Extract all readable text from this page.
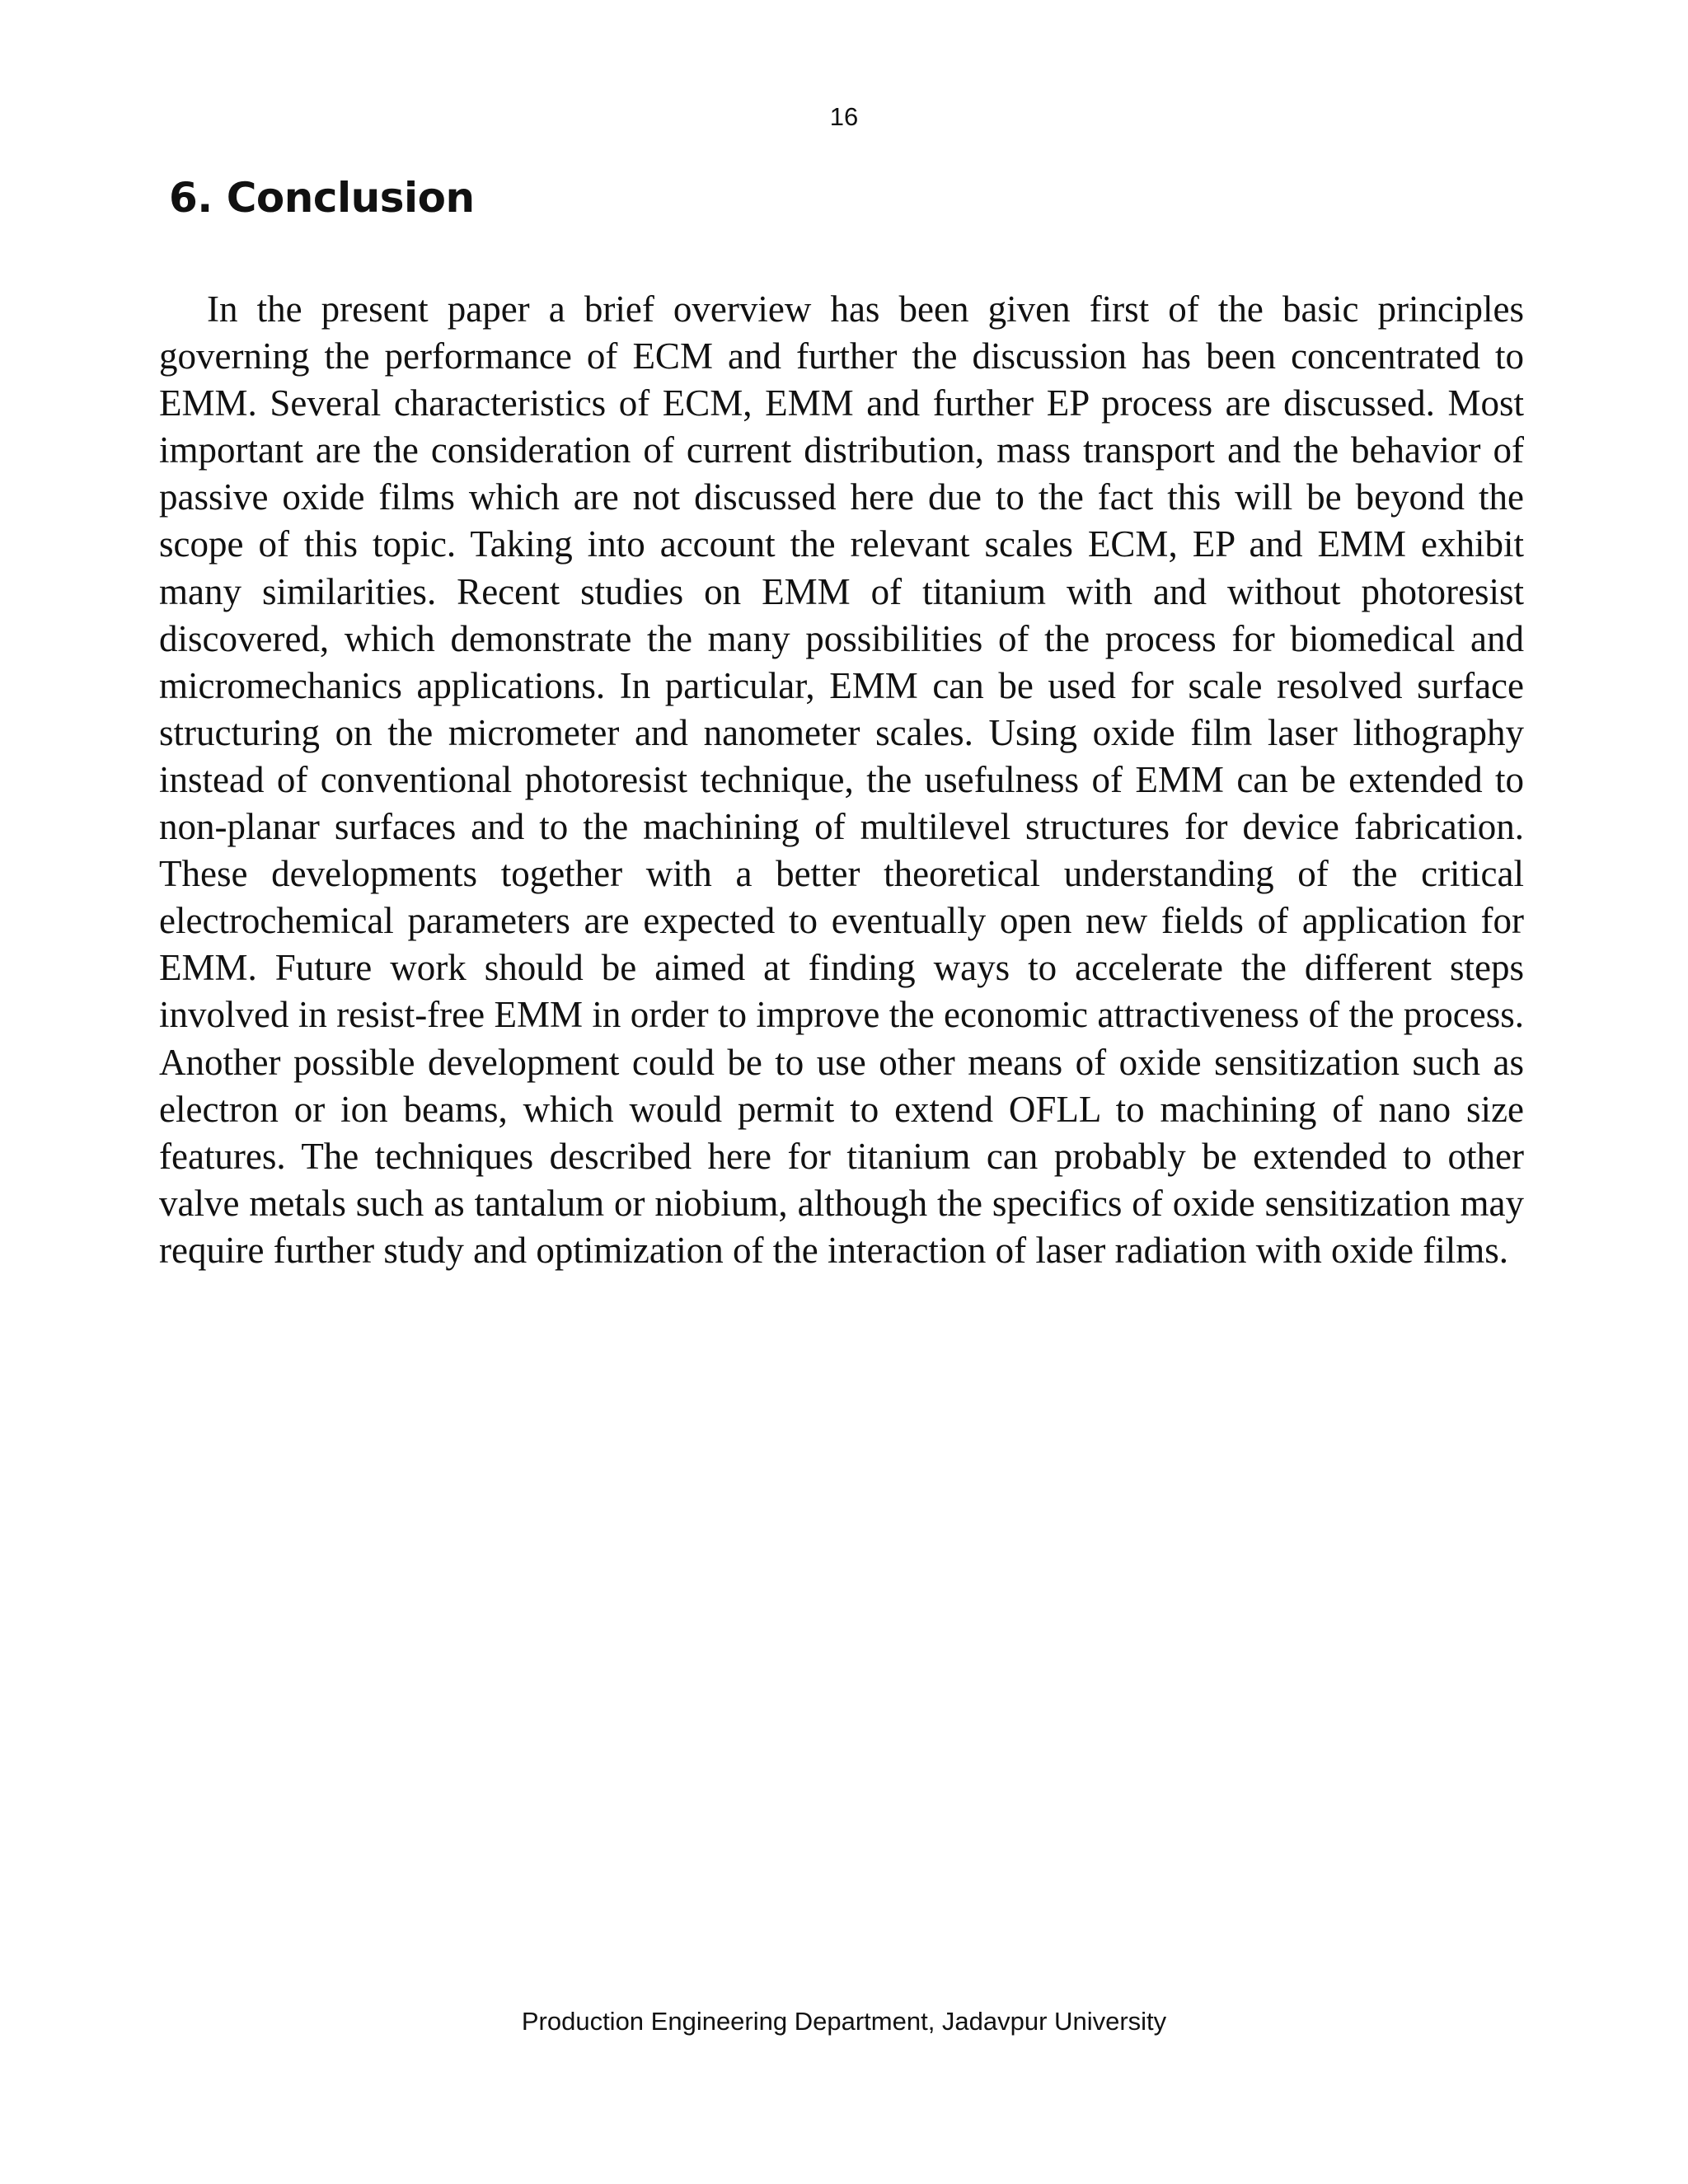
16
6. Conclusion

In the present paper a brief overview has been given first of the basic principles governing the performance of ECM and further the discussion has been concentrated to EMM. Several characteristics of ECM, EMM and further EP process are discussed. Most important are the consideration of current distribution, mass transport and the behavior of passive oxide films which are not discussed here due to the fact this will be beyond the scope of this topic. Taking into account the relevant scales ECM, EP and EMM exhibit many similarities. Recent studies on EMM of titanium with and without photoresist discovered, which demonstrate the many possibilities of the process for biomedical and micromechanics applications. In particular, EMM can be used for scale resolved surface structuring on the micrometer and nanometer scales. Using oxide film laser lithography instead of conventional photoresist technique, the usefulness of EMM can be extended to non-planar surfaces and to the machining of multilevel structures for device fabrication. These developments together with a better theoretical understanding of the critical electrochemical parameters are expected to eventually open new fields of application for EMM. Future work should be aimed at finding ways to accelerate the different steps involved in resist-free EMM in order to improve the economic attractiveness of the process. Another possible development could be to use other means of oxide sensitization such as electron or ion beams, which would permit to extend OFLL to machining of nano size features. The techniques described here for titanium can probably be extended to other valve metals such as tantalum or niobium, although the specifics of oxide sensitization may require further study and optimization of the interaction of laser radiation with oxide films.

Production Engineering Department, Jadavpur University
